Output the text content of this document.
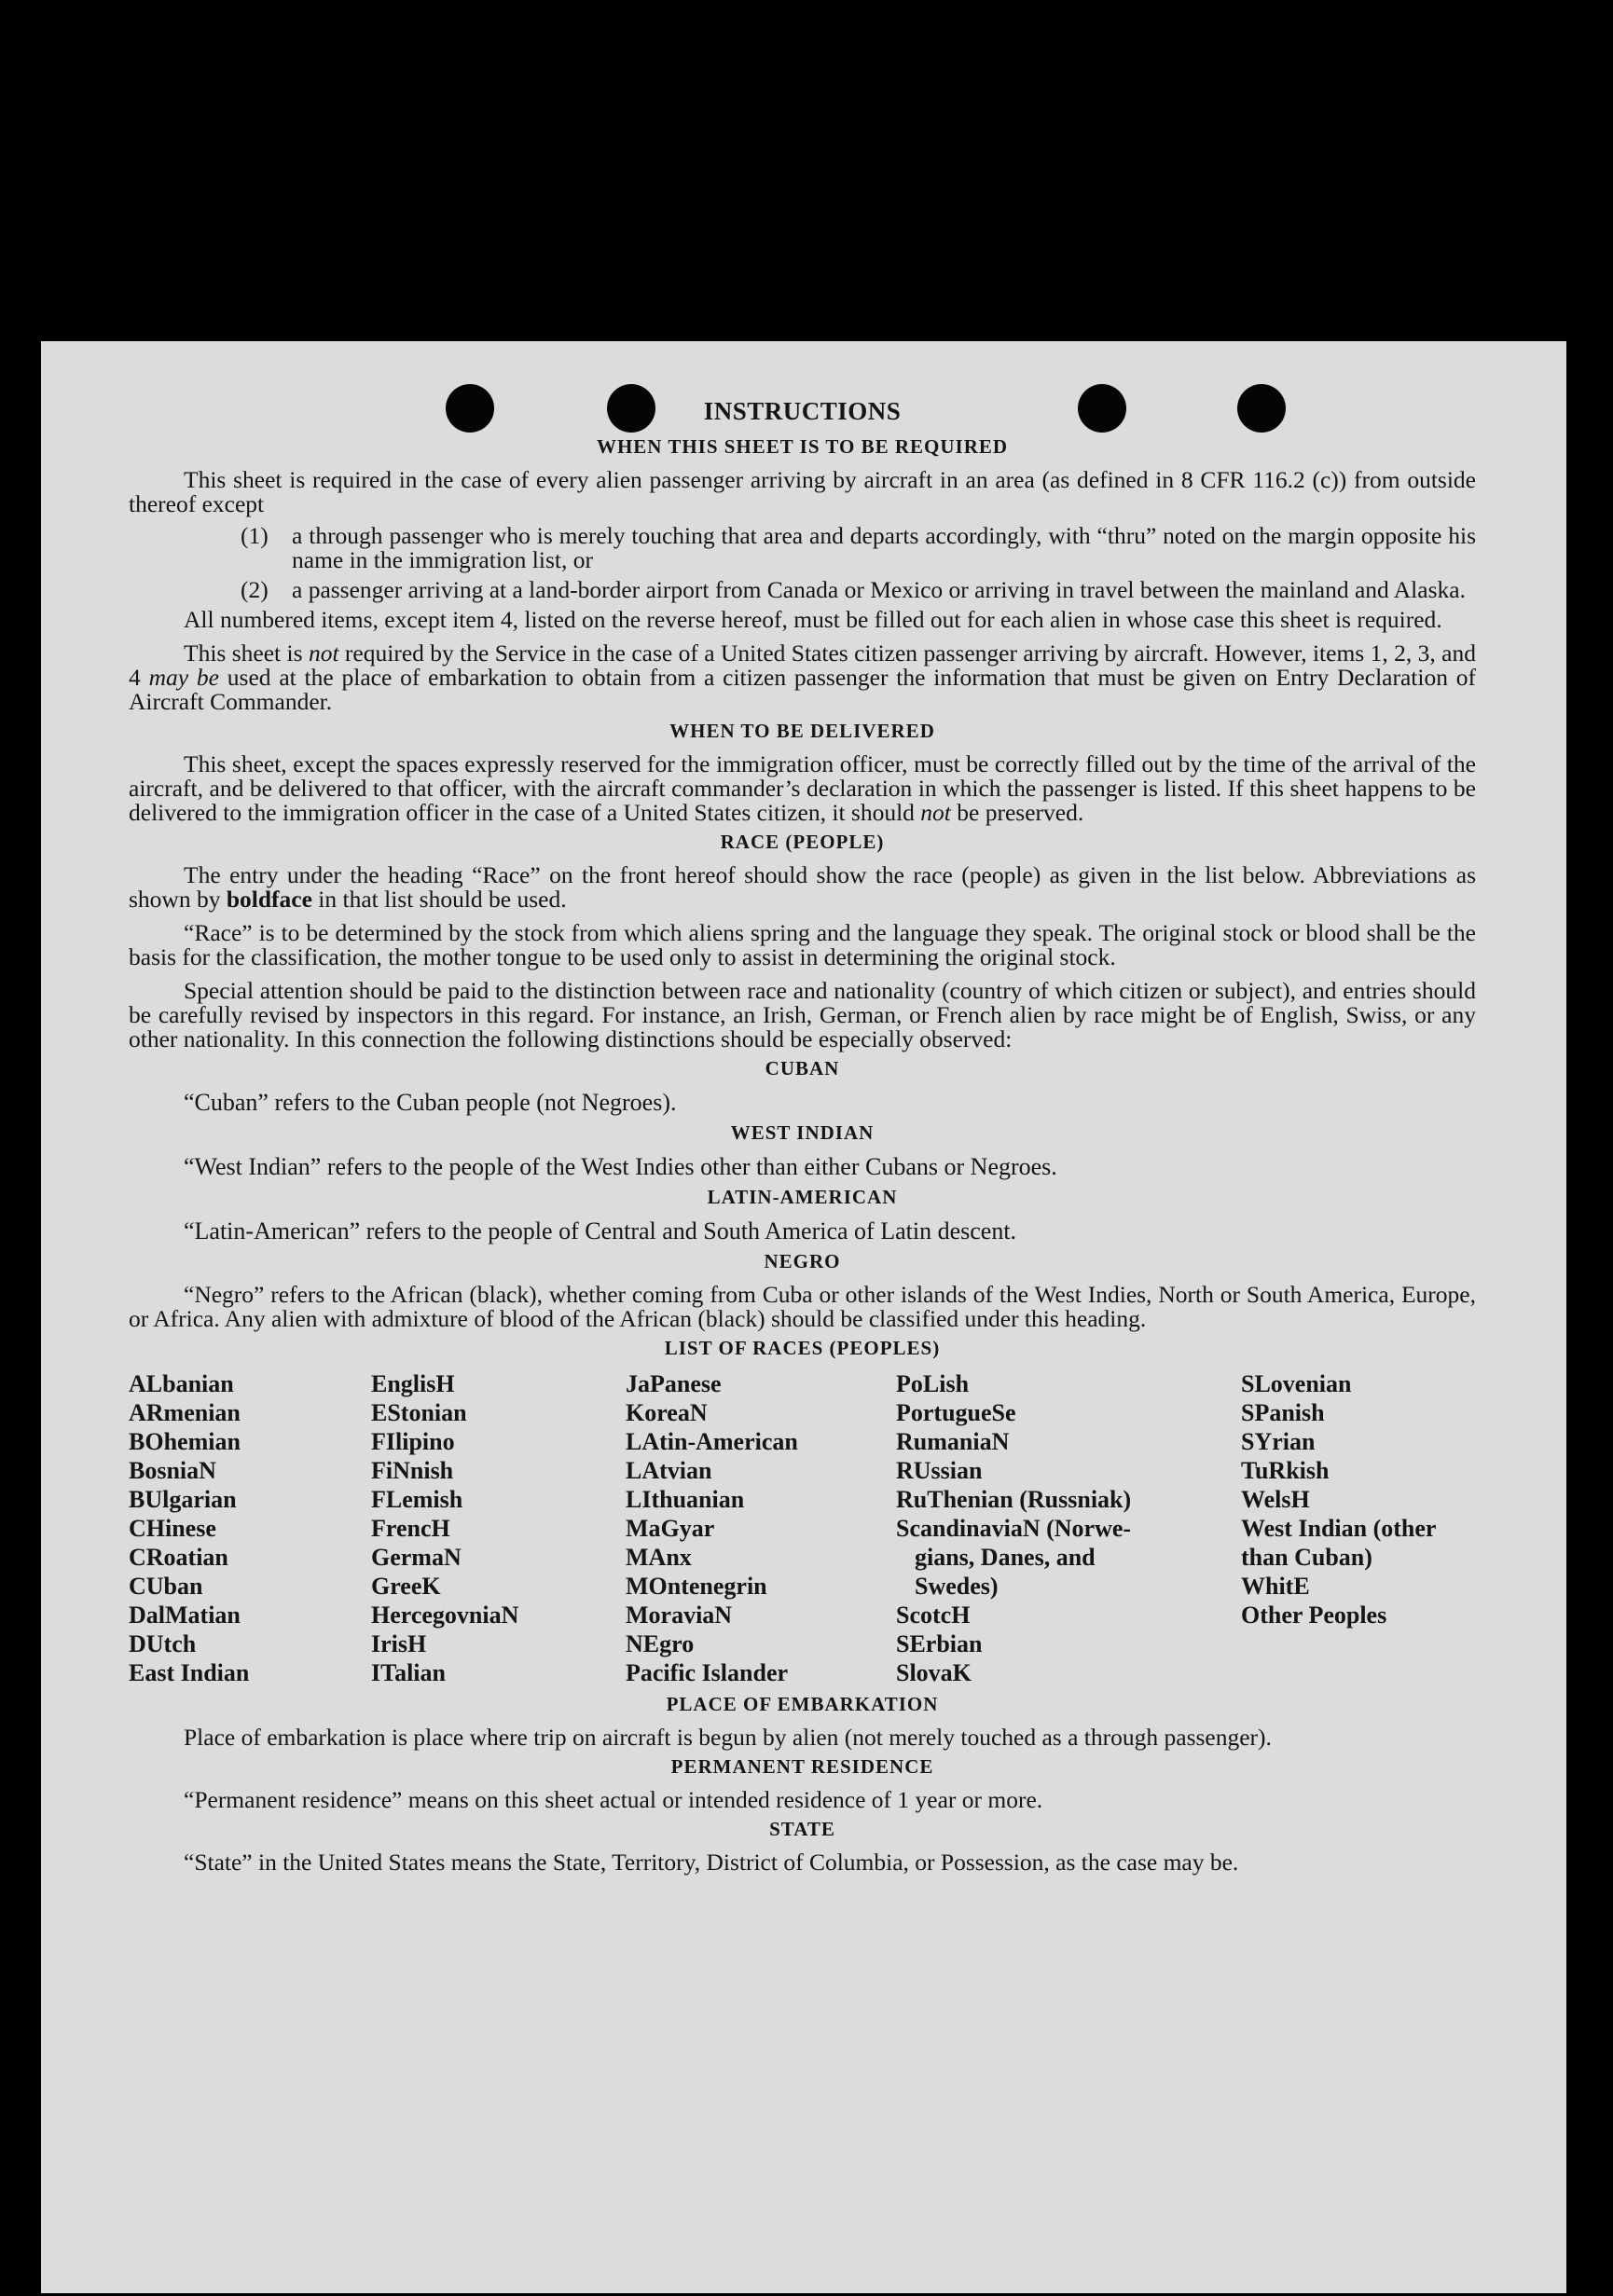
INSTRUCTIONS
WHEN THIS SHEET IS TO BE REQUIRED

This sheet is required in the case of every alien passenger arriving by aircraft in an area (as defined in 8 CFR 116.2 (c)) from outside thereof except

(1) a through passenger who is merely touching that area and departs accordingly, with “thru” noted on the margin opposite his name in the immigration list, or
(2) a passenger arriving at a land-border airport from Canada or Mexico or arriving in travel between the mainland and Alaska.

All numbered items, except item 4, listed on the reverse hereof, must be filled out for each alien in whose case this sheet is required.

This sheet is not required by the Service in the case of a United States citizen passenger arriving by aircraft. However, items 1, 2, 3, and 4 may be used at the place of embarkation to obtain from a citizen passenger the information that must be given on Entry Declaration of Aircraft Commander.

WHEN TO BE DELIVERED

This sheet, except the spaces expressly reserved for the immigration officer, must be correctly filled out by the time of the arrival of the aircraft, and be delivered to that officer, with the aircraft commander’s declaration in which the passenger is listed. If this sheet happens to be delivered to the immigration officer in the case of a United States citizen, it should not be preserved.

RACE (PEOPLE)

The entry under the heading “Race” on the front hereof should show the race (people) as given in the list below. Abbreviations as shown by boldface in that list should be used.

“Race” is to be determined by the stock from which aliens spring and the language they speak. The original stock or blood shall be the basis for the classification, the mother tongue to be used only to assist in determining the original stock.

Special attention should be paid to the distinction between race and nationality (country of which citizen or subject), and entries should be carefully revised by inspectors in this regard. For instance, an Irish, German, or French alien by race might be of English, Swiss, or any other nationality. In this connection the following distinctions should be especially observed:

CUBAN
“Cuban” refers to the Cuban people (not Negroes).
WEST INDIAN
“West Indian” refers to the people of the West Indies other than either Cubans or Negroes.
LATIN-AMERICAN
“Latin-American” refers to the people of Central and South America of Latin descent.
NEGRO

“Negro” refers to the African (black), whether coming from Cuba or other islands of the West Indies, North or South America, Europe, or Africa. Any alien with admixture of blood of the African (black) should be classified under this heading.

LIST OF RACES (PEOPLES)
ALbanian
ARmenian
BOhemian
BosniaN
BUlgarian
CHinese
CRoatian
CUban
DalMatian
DUtch
East Indian
EnglisH
EStonian
FIlipino
FiNnish
FLemish
FrencH
GermaN
GreeK
HercegovniaN
IrisH
ITalian
JaPanese
KoreaN
LAtin-American
LAtvian
LIthuanian
MaGyar
MAnx
MOntenegrin
MoraviaN
NEgro
Pacific Islander
PoLish
PortugueSe
RumaniaN
RUssian
RuThenian (Russniak)
ScandinaviaN (Norwe-
gians, Danes, and
Swedes)
ScotcH
SErbian
SlovaK
SLovenian
SPanish
SYrian
TuRkish
WelsH
West Indian (other
than Cuban)
WhitE
Other Peoples
PLACE OF EMBARKATION

Place of embarkation is place where trip on aircraft is begun by alien (not merely touched as a through passenger).

PERMANENT RESIDENCE

“Permanent residence” means on this sheet actual or intended residence of 1 year or more.

STATE

“State” in the United States means the State, Territory, District of Columbia, or Possession, as the case may be.
